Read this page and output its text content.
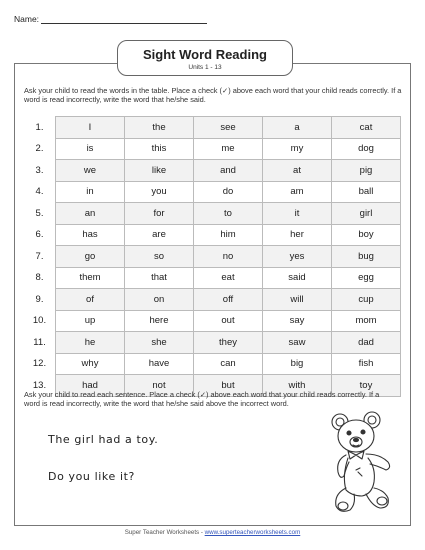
Name:
Sight Word Reading
Units 1 - 13
Ask your child to read the words in the table. Place a check (✓) above each word that your child reads correctly. If a word is read incorrectly, write the word that he/she said.
1.	I	the	see	a	cat
2.	is	this	me	my	dog
3.	we	like	and	at	pig
4.	in	you	do	am	ball
5.	an	for	to	it	girl
6.	has	are	him	her	boy
7.	go	so	no	yes	bug
8.	them	that	eat	said	egg
9.	of	on	off	will	cup
10.	up	here	out	say	mom
11.	he	she	they	saw	dad
12.	why	have	can	big	fish
13.	had	not	but	with	toy
Ask your child to read each sentence. Place a check (✓) above each word that your child reads correctly. If a word is read incorrectly, write the word that he/she said above the incorrect word.
The girl had a toy.
Do you like it?
Super Teacher Worksheets - www.superteacherworksheets.com
